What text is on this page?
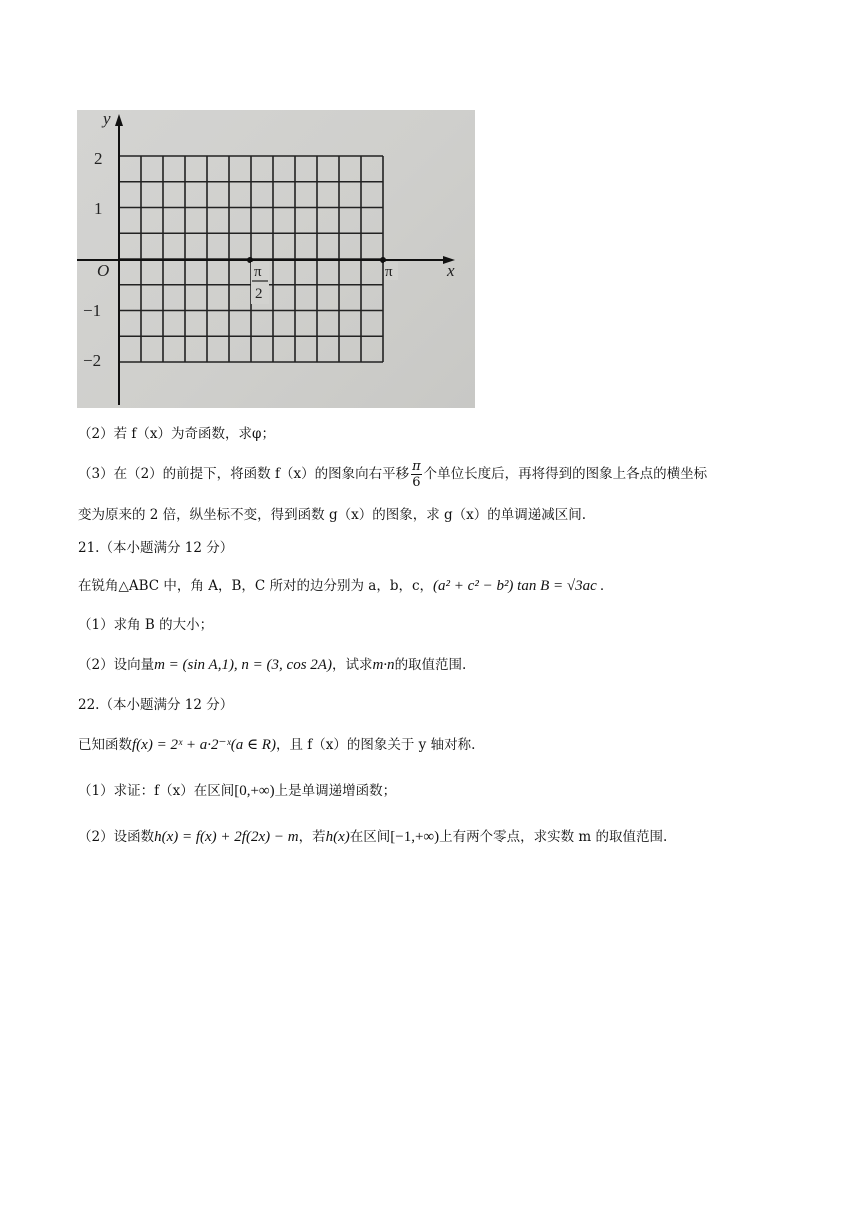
y
x
O
2
1
−1
−2
π
2
π
（2）若 f（x）为奇函数，求φ；
（3）在（2）的前提下，将函数 f（x）的图象向右平移 $\frac{\pi}{6}$ 个单位长度后，再将得到的图象上各点的横坐标
变为原来的 2 倍，纵坐标不变，得到函数 g（x）的图象，求 g（x）的单调递减区间.
21.（本小题满分 12 分）
在锐角△ABC 中，角 A，B，C 所对的边分别为 a，b，c，(a² + c² − b²) tan B = √3ac .
（1）求角 B 的大小；
（2）设向量m = (sin A,1), n = (3, cos 2A)，试求m·n的取值范围.
22.（本小题满分 12 分）
已知函数f(x) = 2ˣ + a·2⁻ˣ(a ∈ R)，且 f（x）的图象关于 y 轴对称.
（1）求证：f（x）在区间[0,+∞)上是单调递增函数；
（2）设函数h(x) = f(x) + 2f(2x) − m，若h(x)在区间[−1,+∞)上有两个零点，求实数 m 的取值范围.
